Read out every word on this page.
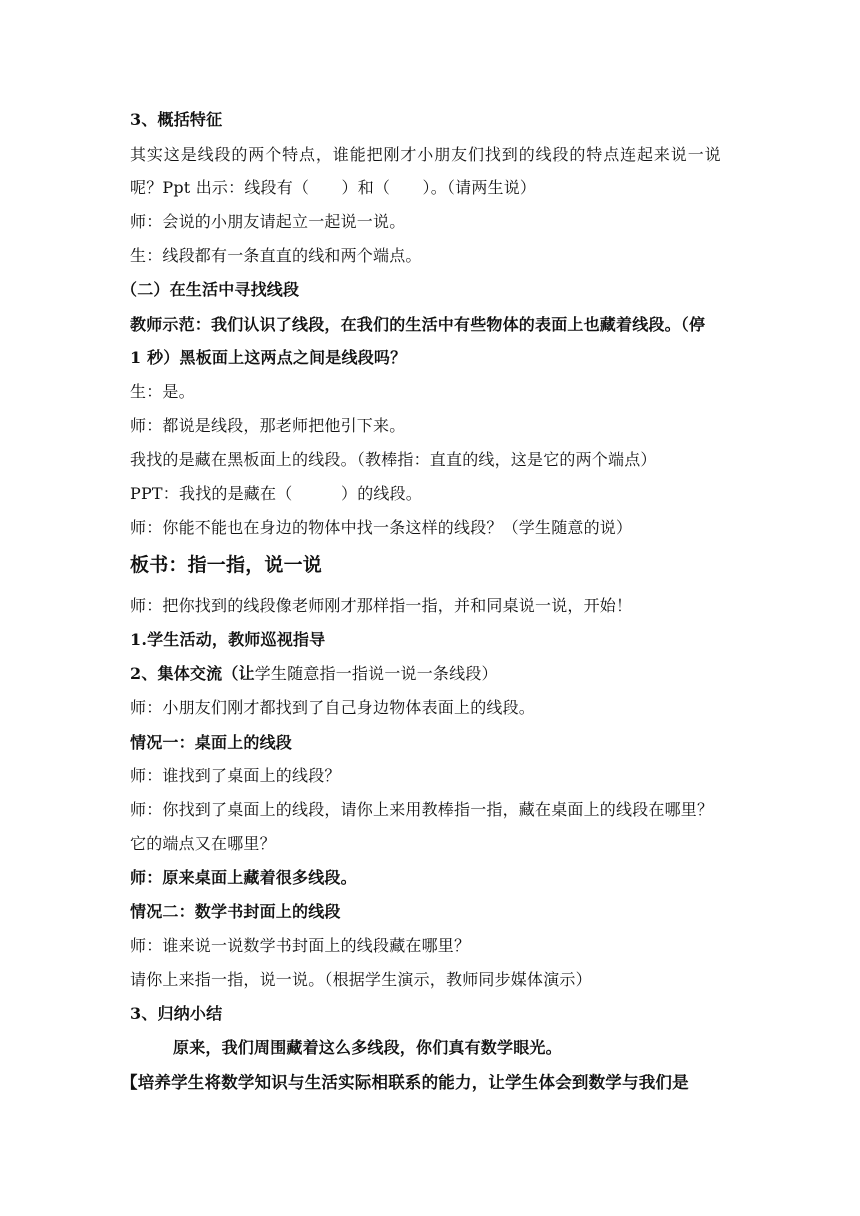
3、概括特征
其实这是线段的两个特点，谁能把刚才小朋友们找到的线段的特点连起来说一说
呢？Ppt 出示：线段有（　　）和（　　）。（请两生说）
师：会说的小朋友请起立一起说一说。
生：线段都有一条直直的线和两个端点。
（二）在生活中寻找线段
教师示范：我们认识了线段，在我们的生活中有些物体的表面上也藏着线段。（停
1 秒）黑板面上这两点之间是线段吗？
生：是。
师：都说是线段，那老师把他引下来。
我找的是藏在黑板面上的线段。（教棒指：直直的线，这是它的两个端点）
PPT：我找的是藏在（　　　）的线段。
师：你能不能也在身边的物体中找一条这样的线段？（学生随意的说）
板书：指一指，说一说
师：把你找到的线段像老师刚才那样指一指，并和同桌说一说，开始！
1.学生活动，教师巡视指导
2、集体交流（让学生随意指一指说一说一条线段）
师：小朋友们刚才都找到了自己身边物体表面上的线段。
情况一：桌面上的线段
师：谁找到了桌面上的线段？
师：你找到了桌面上的线段，请你上来用教棒指一指，藏在桌面上的线段在哪里？
它的端点又在哪里？
师：原来桌面上藏着很多线段。
情况二：数学书封面上的线段
师：谁来说一说数学书封面上的线段藏在哪里？
请你上来指一指，说一说。（根据学生演示，教师同步媒体演示）
3、归纳小结
原来，我们周围藏着这么多线段，你们真有数学眼光。
【培养学生将数学知识与生活实际相联系的能力，让学生体会到数学与我们是
